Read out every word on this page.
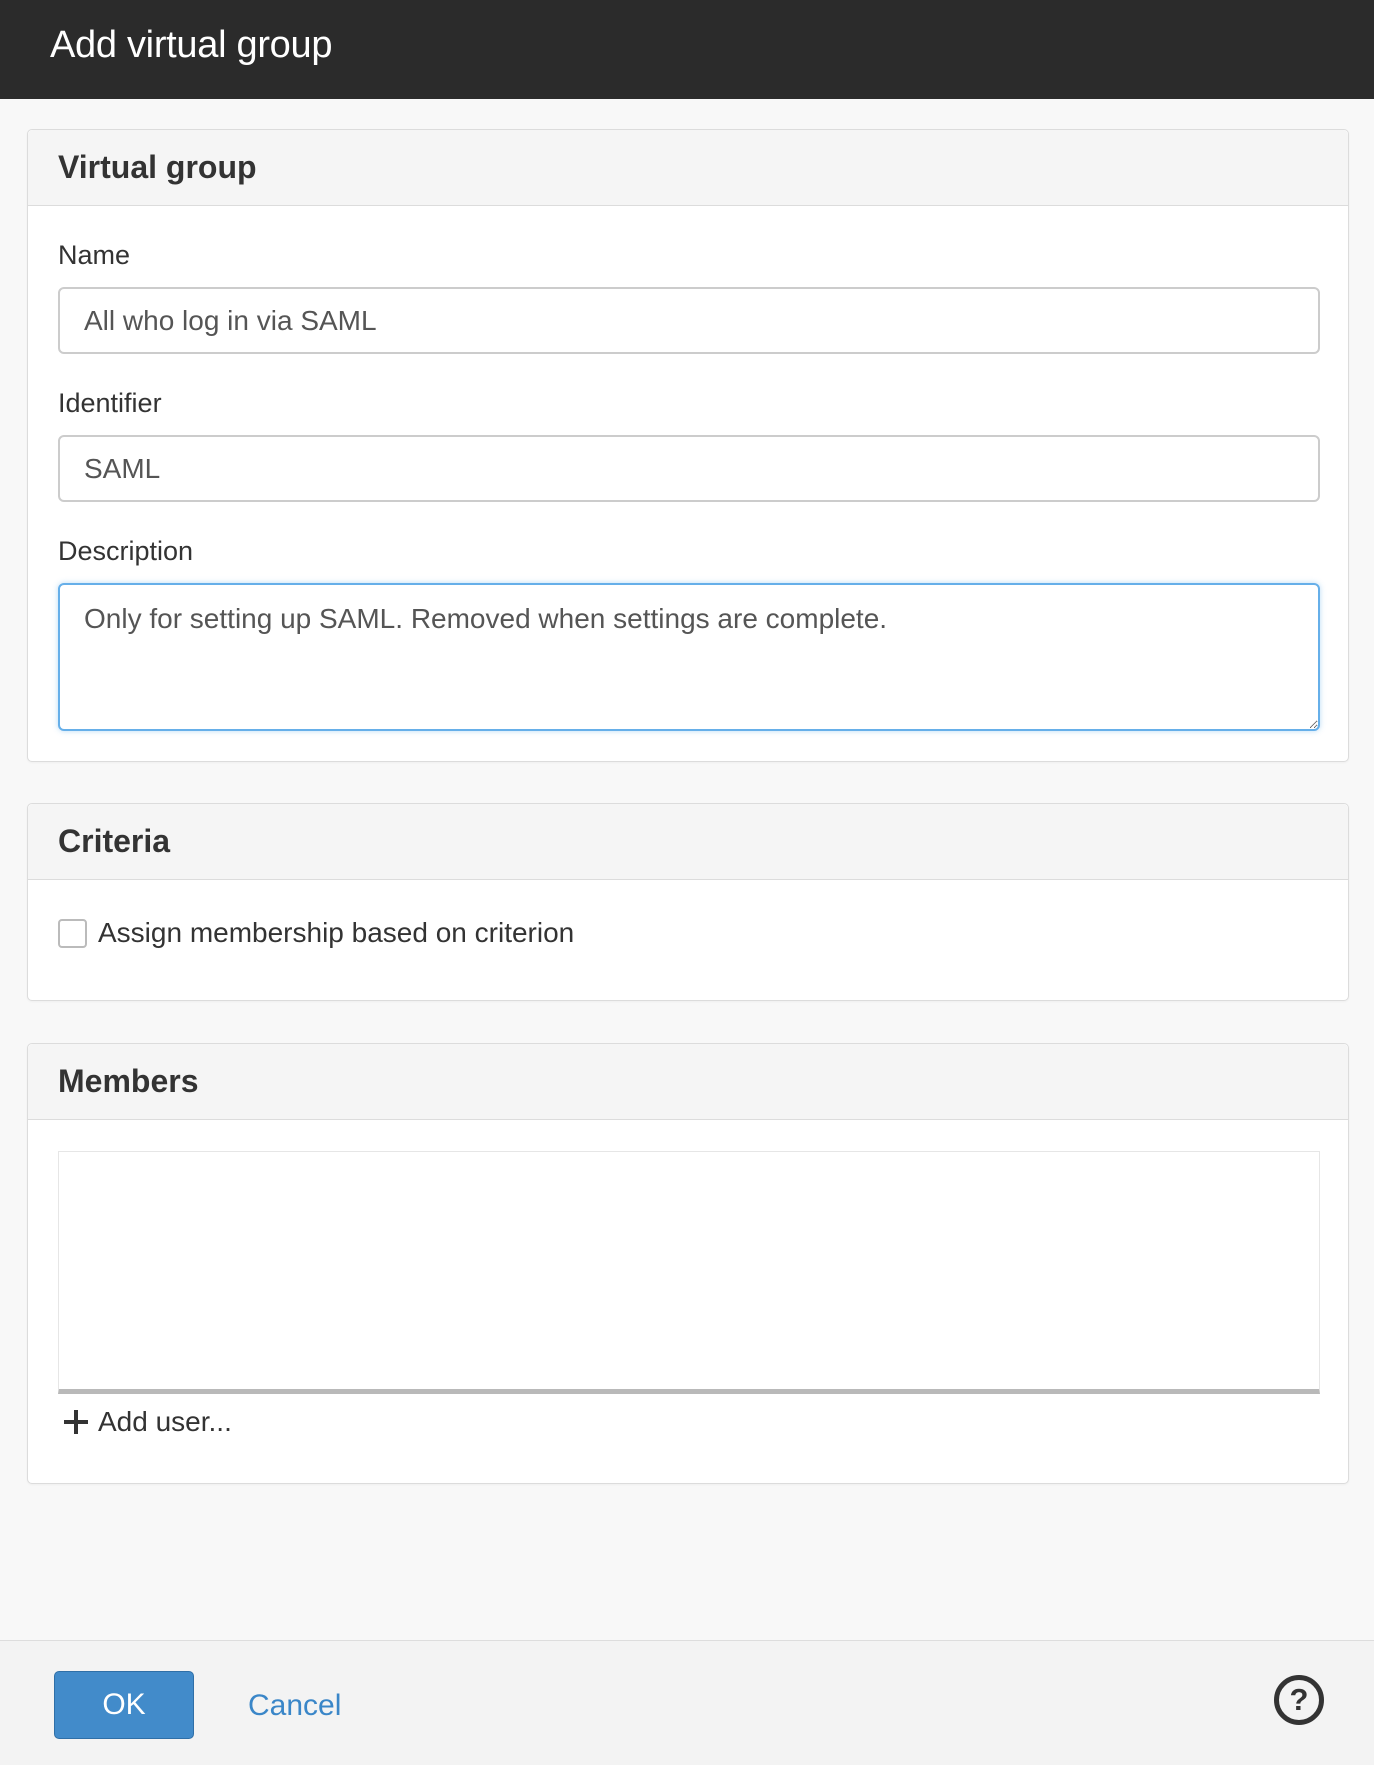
Add virtual group
Virtual group
Name
All who log in via SAML
Identifier
SAML
Description
Only for setting up SAML. Removed when settings are complete.
Criteria
Assign membership based on criterion
Members
Add user...
OK	Cancel	?
